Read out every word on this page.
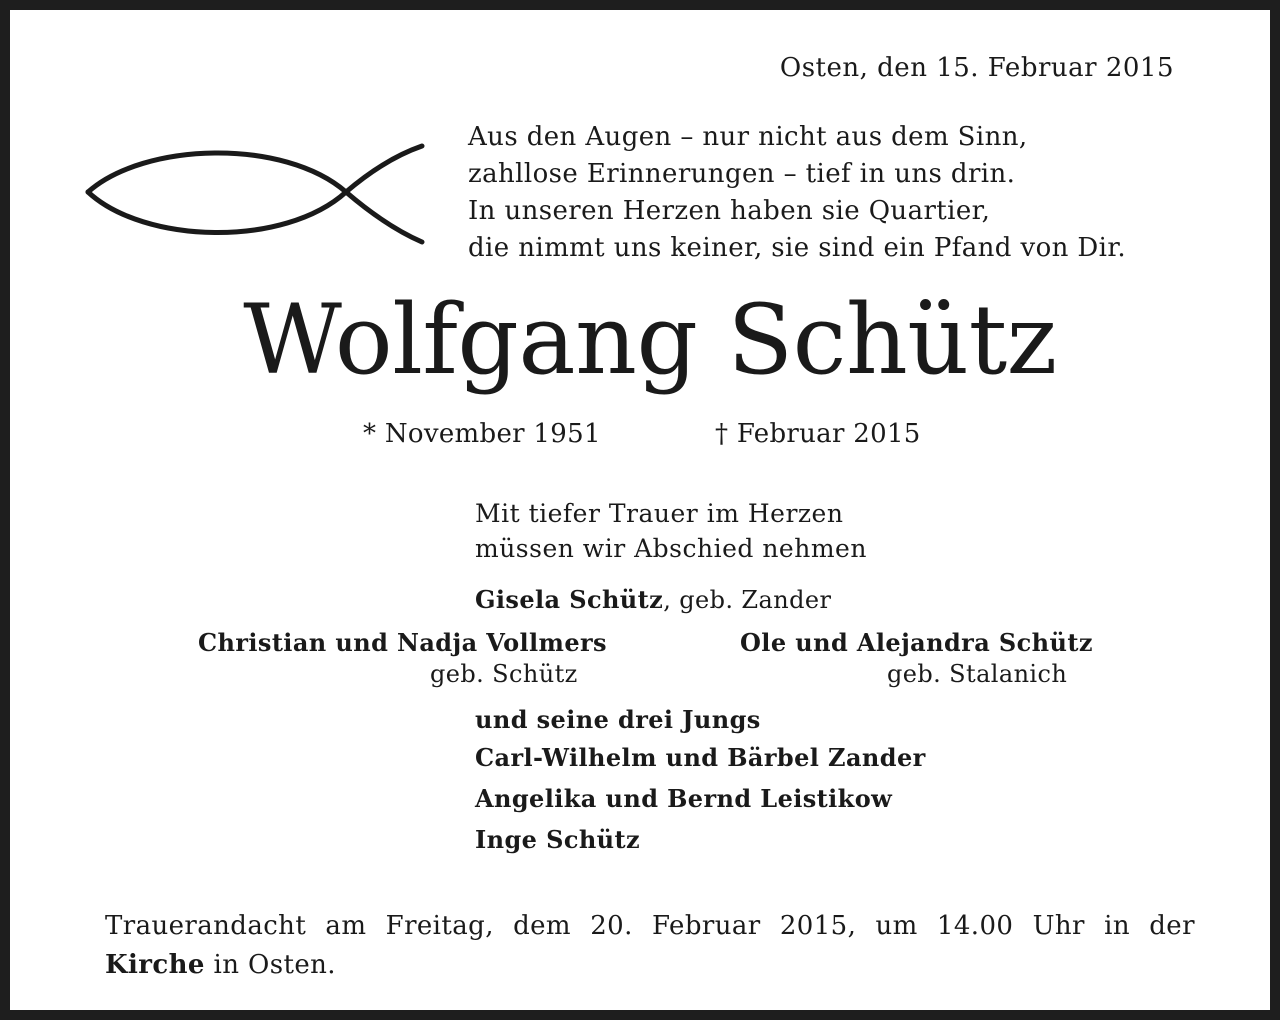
Osten, den 15. Februar 2015
Aus den Augen – nur nicht aus dem Sinn,
zahllose Erinnerungen – tief in uns drin.
In unseren Herzen haben sie Quartier,
die nimmt uns keiner, sie sind ein Pfand von Dir.
Wolfgang Schütz
* November 1951	† Februar 2015
Mit tiefer Trauer im Herzen
müssen wir Abschied nehmen
Gisela Schütz, geb. Zander
Christian und Nadja Vollmers
geb. Schütz
Ole und Alejandra Schütz
geb. Stalanich
und seine drei Jungs
Carl-Wilhelm und Bärbel Zander
Angelika und Bernd Leistikow
Inge Schütz
Trauerandacht am Freitag, dem 20. Februar 2015, um 14.00 Uhr in der
Kirche in Osten.
